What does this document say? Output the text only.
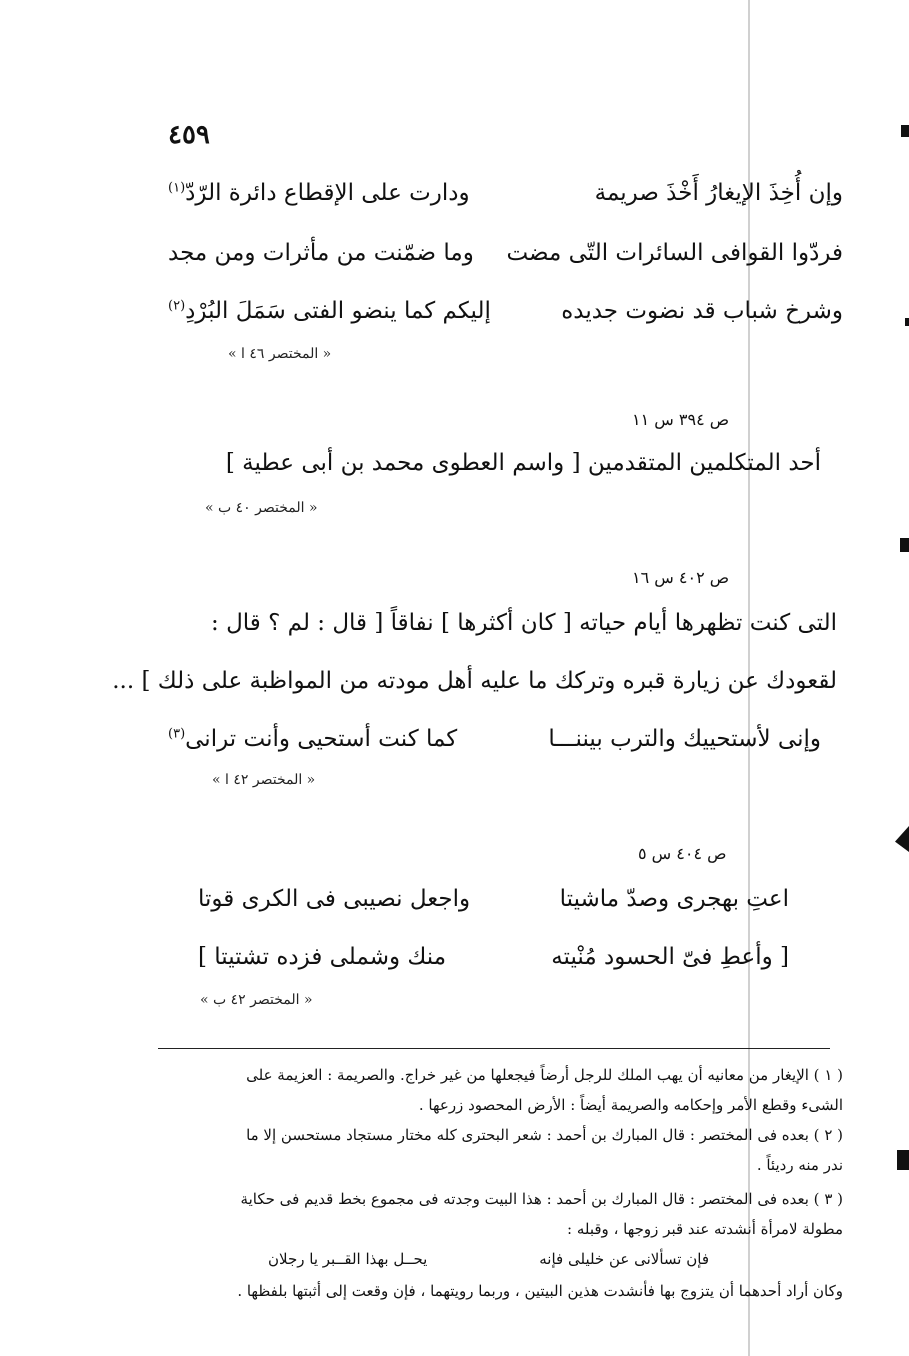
٤٥٩
وإن أُخِذَ الإيغارُ أَخْذَ صريمة
ودارت على الإقطاع دائرة الرّدّ$^{(١)}$
فردّوا القوافى السائرات التّى مضت
وما ضمّنت من مأثرات ومن مجد
وشرخ شباب قد نضوت جديده
إليكم كما ينضو الفتى سَمَلَ البُرْدِ$^{(٢)}$
« المختصر ٤٦ ا »
ص ٣٩٤ س ١١
أحد المتكلمين المتقدمين [ واسم العطوى محمد بن أبى عطية ]
« المختصر ٤٠ ب »
ص ٤٠٢ س ١٦
التى كنت تظهرها أيام حياته [ كان أكثرها ] نفاقاً [ قال : لم ؟ قال :
لقعودك عن زيارة قبره وتركك ما عليه أهل مودته من المواظبة على ذلك ] ...
وإنى لأستحييك والترب بيننـــا
كما كنت أستحيى وأنت ترانى$^{(٣)}$
« المختصر ٤٢ ا »
ص ٤٠٤ س ٥
اعتِ بهجرى وصدّ ماشيتا
واجعل نصيبى فى الكرى قوتا
[ وأعطِ فىّ الحسود مُنْيته
منك وشملى فزده تشتيتا ]
« المختصر ٤٢ ب »
( ١ ) الإيغار من معانيه أن يهب الملك للرجل أرضاً فيجعلها من غير خراج. والصريمة : العزيمة على
الشىء وقطع الأمر وإحكامه والصريمة أيضاً : الأرض المحصود زرعها .
( ٢ ) بعده فى المختصر : قال المبارك بن أحمد : شعر البحترى كله مختار مستجاد مستحسن إلا ما
ندر منه رديئاً .
( ٣ ) بعده فى المختصر : قال المبارك بن أحمد : هذا البيت وجدته فى مجموع بخط قديم فى حكاية
مطولة لامرأة أنشدته عند قبر زوجها ، وقبله :
فإن تسألانى عن خليلى فإنه
يحــل بهذا القــبر يا رجلان
وكان أراد أحدهما أن يتزوج بها فأنشدت هذين البيتين ، وربما رويتهما ، فإن وقعت إلى أثبتها بلفظها .
